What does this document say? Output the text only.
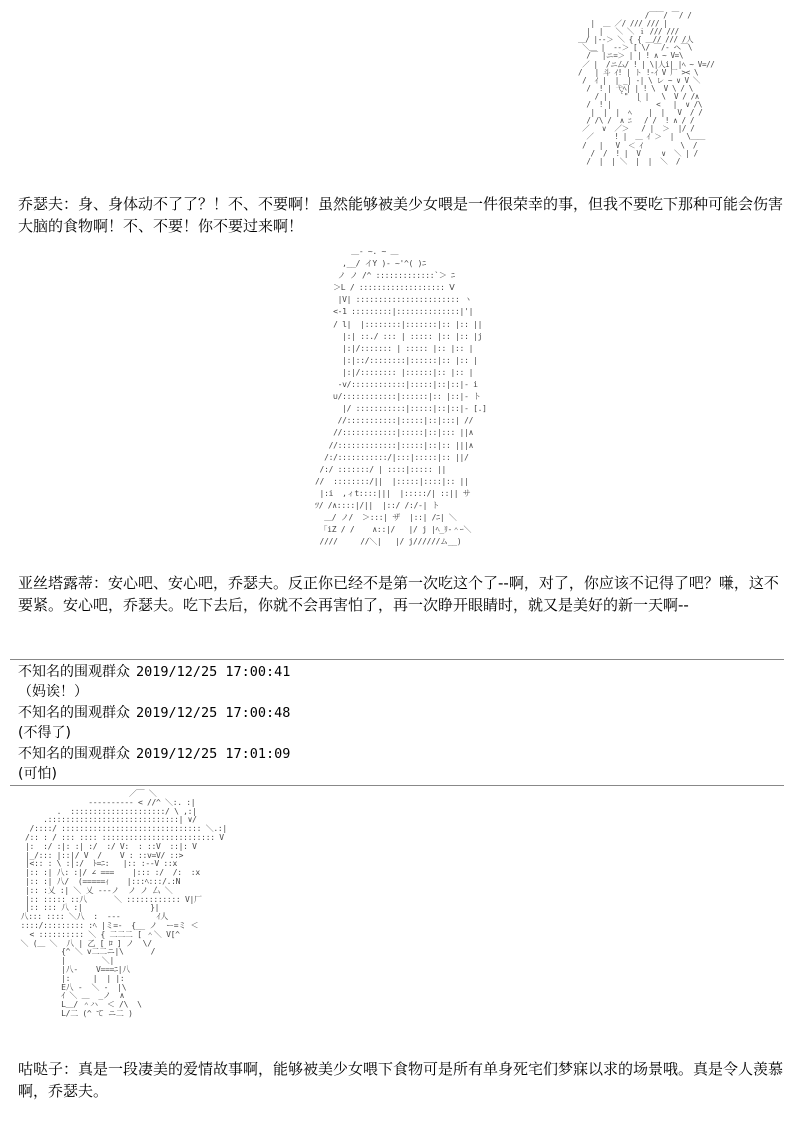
/￣￣/ ￣/ /
|  ＿ ／/ /// /// |
|  |   ＼ ＼ ｉ /// ///
＿/ |--＞ ＼ { { ＿// /// /人
＼＿ |  --＞ [ \/ ￣/- ヘ￣\
/￣ |ニ=＞ | | ! ∧ ~ V=\
／ |  /ニ厶/ ! | \|人i| |ﾍ ~ V=//
/   | 斗 ｲ! | ト !-ｲ V 厂 >< \
/  ｲ |  | _| -| \ レ ~ ∨ V ＼
/  ! | 弋ﾍ| | ! \  V \ / \
/ |   `"  | |   \  V / /∧
/  ! |      ｀   <   |  ∨ /\
|  |  |  ﾍ    |  |   V  / /
/ /\ /  ∧ ﾆ   / /  ! ∧ / /
／   ∨  ／＞   / |  ＞  |/ /
／     ! |  ＿ ｲ ＞  |   \＿＿
/   |   V  ＜ ｲ         \  /
/  /  ! |  V     ∨  ＼ | /
/  |  | ＼  |  |  ＼  /

乔瑟夫：身、身体动不了了？！不、不要啊！虽然能够被美少女喂是一件很荣幸的事，但我不要吃下那种可能会伤害大脑的食物啊！不、不要！你不要过来啊！

＿- ~. ~ ＿
,__/ イY )- ~'^( )ﾆ
ノ ノ /^ :::::::::::::`＞ ﾆ
＞L / ::::::::::::::::::: Ⅴ
|V| ::::::::::::::::::::::: ヽ
<-1 :::::::::|::::::::::::::|'|
/ l|  |::::::::|:::::::|:: |:: ||
|:| ::./ ::: | ::::: |:: |:: |j
|:|/::::::: | ::::: |:: |:: |
|:|::/::::::::|::::::|:: |:: |
|:|/:::::::: |::::::|:: |:: |
-v/::::::::::::|:::::|::|::|- i
∪/::::::::::::|::::::|:: |::|- ト
|/ :::::::::::|:::::|::|::|- [.]
//:::::::::::|:::::|::|:::| //
//::::::::::::|:::::|::|::: ||∧
//:::::::::::::|:::::|::|:: |||∧
/:/:::::::::::/|:::|:::::|:: ||/
/:/ :::::::/ | ::::|::::: ||
//  ::::::::/||  |:::::|::::|:: ||
|:i  ,ィt::::|||  |:::::/| ::|| サ
ﾂ/ /∧::::|/||  |::/ /:/-| ト
＿/ ノ/  ＞:::| ザ  |::| /ﾆ| ＼
「iZ / /    ∧::|/   |/ j |ﾍ_ﾘ-＾ｰ＼
////     //＼|   |/ j//////ム__)

亚丝塔露蒂：安心吧、安心吧，乔瑟夫。反正你已经不是第一次吃这个了--啊，对了，你应该不记得了吧？嗛，这不要紧。安心吧，乔瑟夫。吃下去后，你就不会再害怕了，再一次睁开眼睛时，就又是美好的新一天啊--

不知名的围观群众 2019/12/25 17:00:41
（妈诶！）
不知名的围观群众 2019/12/25 17:00:48
(不得了)
不知名的围观群众 2019/12/25 17:01:09
(可怕)
／￣ ＼
---------- < //^ ＼:. :|
.  :::::::::::::::::::::/ \ ,:|
.:::::::::::::::::::::::::::::| ∨/
/::::/ ::::::::::::::::::::::::::::::: ＼.:|
/:: : / ::: :::: ::::::::::::::::::::::::: V
|:  :/ :|: :| :/  :/ V:  : ::V  ::|: V
|_/::: |::|/ V  /    V : ::v=V/ ::>
|<:: : \ :|:/  ﾄ=ﾆ:   |:: :--V ::x
|:: :| 八: :|/ ∠ ===    |::: :/  /:  :x
|:: :| 八/  (=====ｨ    |:::ﾍ:::/.:N
|:: :乂 :| ＼ 乂 ---ノ  ノ ノ 厶 ＼
|:: ::::: ::八      ＼ :::::::::::: V|厂
|:: ::: 八 :|               }|
八::: :::: ＼八  :  ---        ｲ人
::::/::::::::: :ﾍ |ミ=-  {__ ノ  ー=ミ ＜
< :::::::::: ＼ { 二二二 [ ＾＼ V[^
＼ (＿ ＼  八 | 乙 [ ﾛ ] ノ  \/
{^ ＼ v二二ニ|\      /
|        ＼|
|八-    V===ﾆ|八
|:     |  | |:
E八 -  ＼ -  |\
ｲ ＼ ＿  _ノ  ∧
L＿/ ＾ハ  ＜ /\  \
L/二 (^ て ニ二 )

咕哒子：真是一段凄美的爱情故事啊，能够被美少女喂下食物可是所有单身死宅们梦寐以求的场景哦。真是令人羡慕啊，乔瑟夫。
